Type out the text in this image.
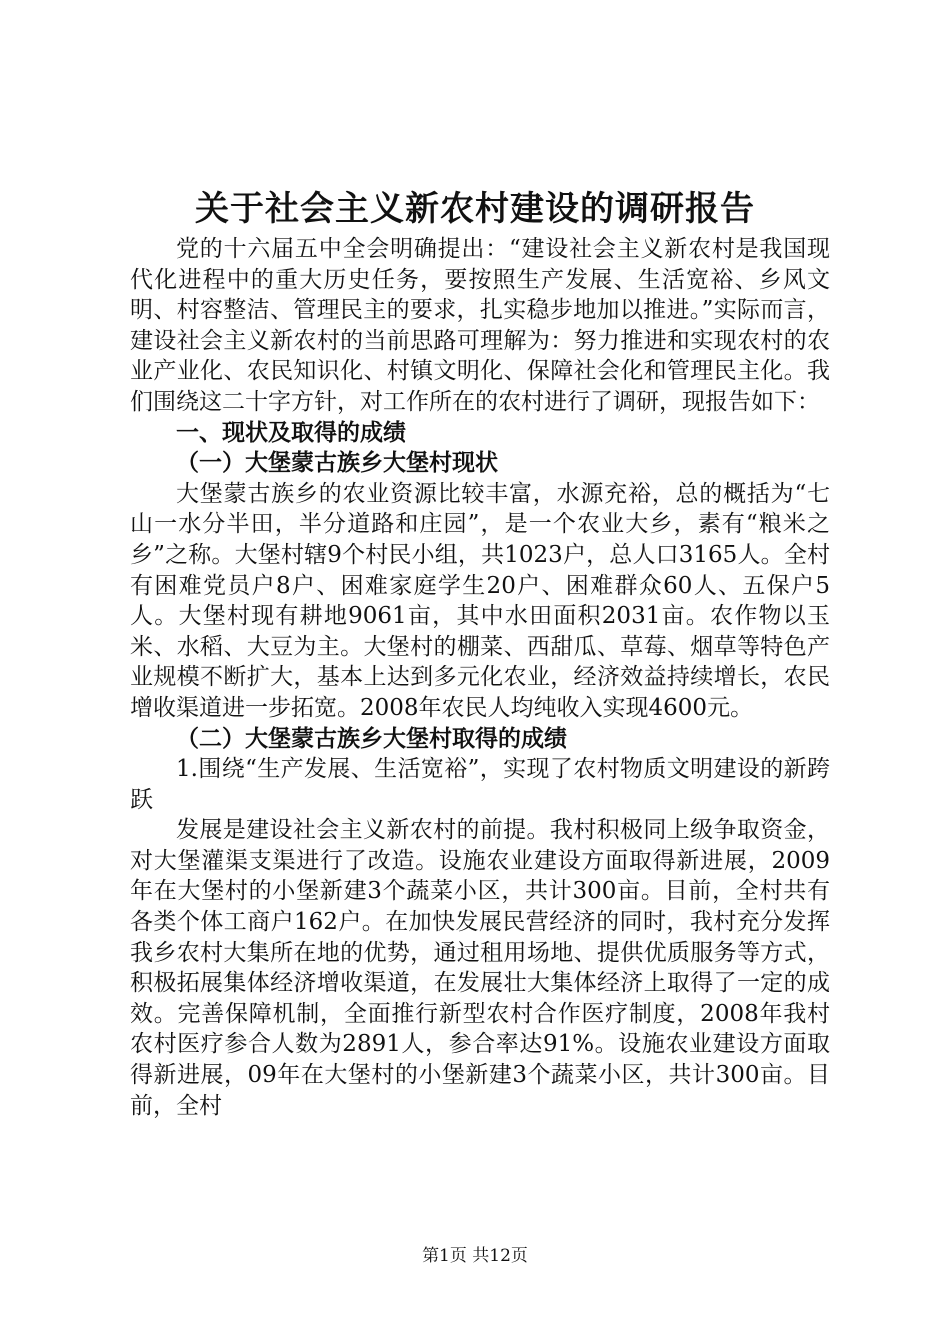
关于社会主义新农村建设的调研报告

党的十六届五中全会明确提出：“建设社会主义新农村是我国现代化进程中的重大历史任务，要按照生产发展、生活宽裕、乡风文明、村容整洁、管理民主的要求，扎实稳步地加以推进。”实际而言，建设社会主义新农村的当前思路可理解为：努力推进和实现农村的农业产业化、农民知识化、村镇文明化、保障社会化和管理民主化。我们围绕这二十字方针，对工作所在的农村进行了调研，现报告如下：

一、现状及取得的成绩

（一）大堡蒙古族乡大堡村现状

大堡蒙古族乡的农业资源比较丰富，水源充裕，总的概括为“七山一水分半田，半分道路和庄园”，是一个农业大乡，素有“粮米之乡”之称。大堡村辖9个村民小组，共1023户，总人口3165人。全村有困难党员户8户、困难家庭学生20户、困难群众60人、五保户5人。大堡村现有耕地9061亩，其中水田面积2031亩。农作物以玉米、水稻、大豆为主。大堡村的棚菜、西甜瓜、草莓、烟草等特色产业规模不断扩大，基本上达到多元化农业，经济效益持续增长，农民增收渠道进一步拓宽。2008年农民人均纯收入实现4600元。

（二）大堡蒙古族乡大堡村取得的成绩

1.围绕“生产发展、生活宽裕”，实现了农村物质文明建设的新跨跃

发展是建设社会主义新农村的前提。我村积极同上级争取资金，对大堡灌渠支渠进行了改造。设施农业建设方面取得新进展，2009年在大堡村的小堡新建3个蔬菜小区，共计300亩。目前，全村共有各类个体工商户162户。在加快发展民营经济的同时，我村充分发挥我乡农村大集所在地的优势，通过租用场地、提供优质服务等方式，积极拓展集体经济增收渠道，在发展壮大集体经济上取得了一定的成效。完善保障机制，全面推行新型农村合作医疗制度，2008年我村农村医疗参合人数为2891人，参合率达91%。设施农业建设方面取得新进展，09年在大堡村的小堡新建3个蔬菜小区，共计300亩。目前，全村

第1页 共12页
